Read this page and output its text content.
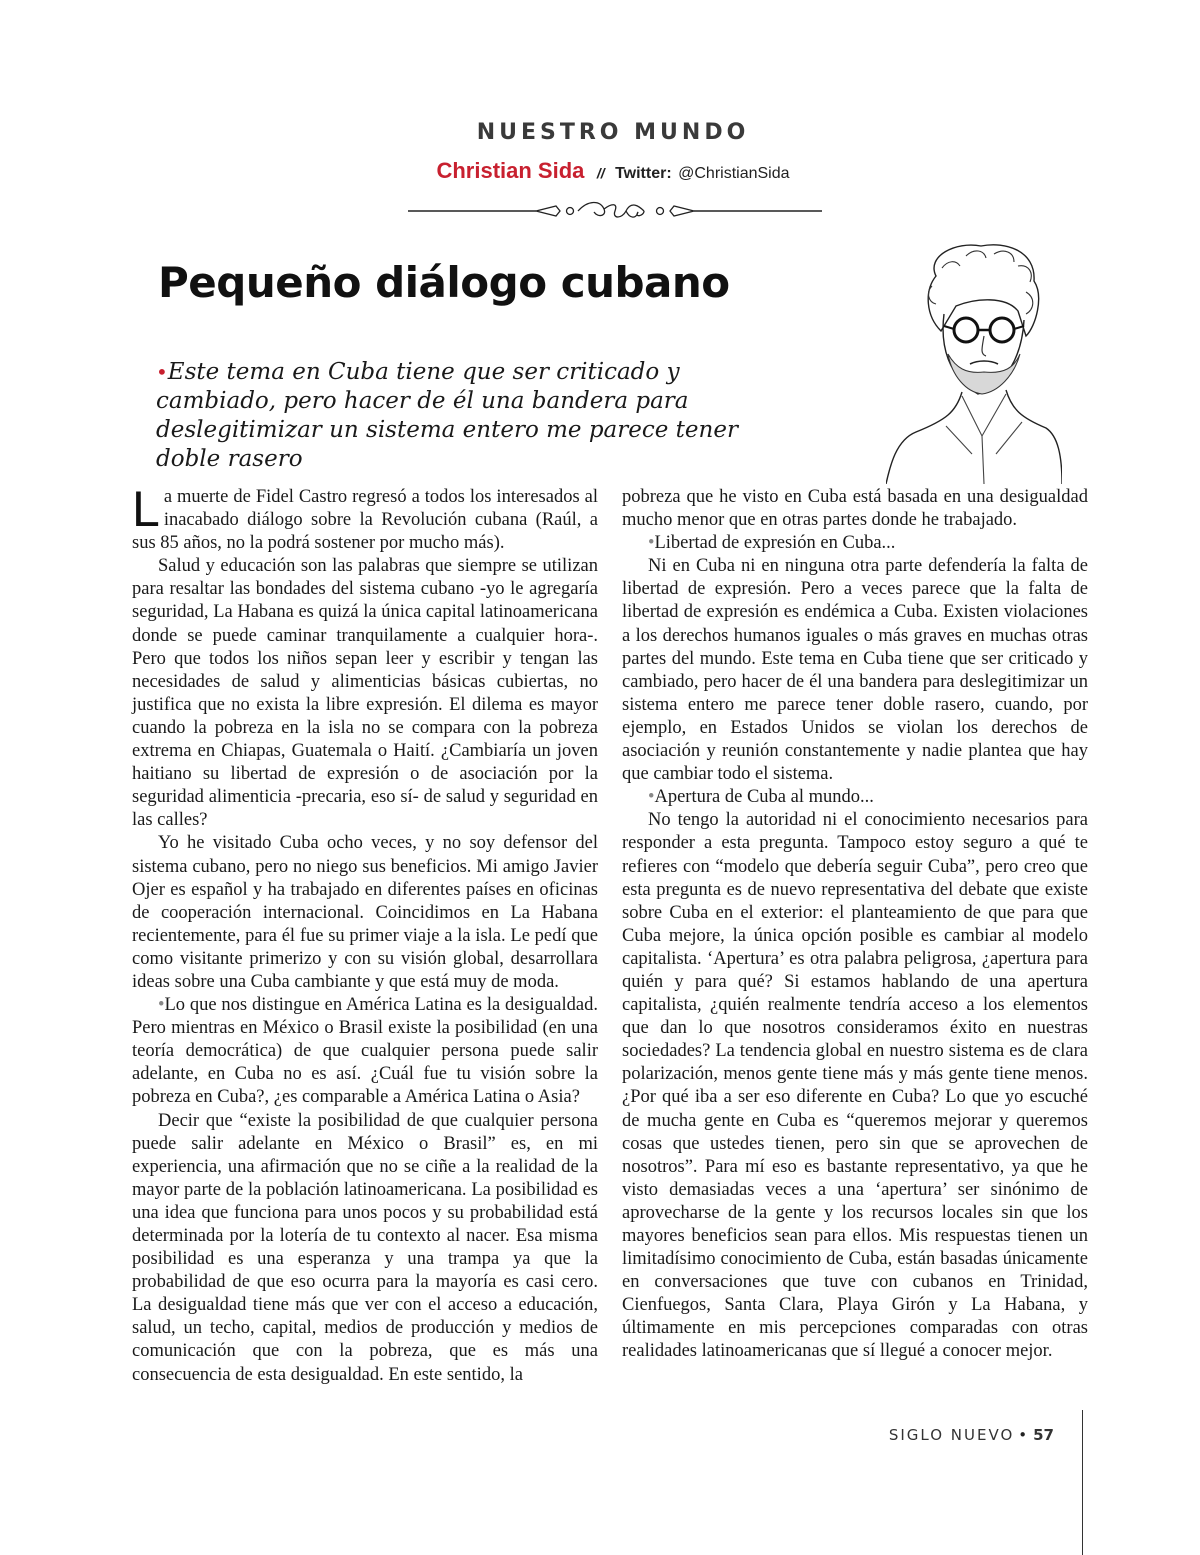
NUESTRO MUNDO
Christian Sida // Twitter: @ChristianSida
Pequeño diálogo cubano

•Este tema en Cuba tiene que ser criticado y cambiado, pero hacer de él una bandera para deslegitimizar un sistema entero me parece tener doble rasero

La muerte de Fidel Castro regresó a todos los interesados al inacabado diálogo sobre la Revolución cubana (Raúl, a sus 85 años, no la podrá sostener por mucho más).

Salud y educación son las palabras que siempre se utilizan para resaltar las bondades del sistema cubano -yo le agregaría seguridad, La Habana es quizá la única capital latinoamericana donde se puede caminar tranquilamente a cualquier hora-. Pero que todos los niños sepan leer y escribir y tengan las necesidades de salud y alimenticias básicas cubiertas, no justifica que no exista la libre expresión. El dilema es mayor cuando la pobreza en la isla no se compara con la pobreza extrema en Chiapas, Guatemala o Haití. ¿Cambiaría un joven haitiano su libertad de expresión o de asociación por la seguridad alimenticia -precaria, eso sí- de salud y seguridad en las calles?

Yo he visitado Cuba ocho veces, y no soy defensor del sistema cubano, pero no niego sus beneficios. Mi amigo Javier Ojer es español y ha trabajado en diferentes países en oficinas de cooperación internacional. Coincidimos en La Habana recientemente, para él fue su primer viaje a la isla. Le pedí que como visitante primerizo y con su visión global, desarrollara ideas sobre una Cuba cambiante y que está muy de moda.

•Lo que nos distingue en América Latina es la desigualdad. Pero mientras en México o Brasil existe la posibilidad (en una teoría democrática) de que cualquier persona puede salir adelante, en Cuba no es así. ¿Cuál fue tu visión sobre la pobreza en Cuba?, ¿es comparable a América Latina o Asia?

Decir que “existe la posibilidad de que cualquier persona puede salir adelante en México o Brasil” es, en mi experiencia, una afirmación que no se ciñe a la realidad de la mayor parte de la población latinoamericana. La posibilidad es una idea que funciona para unos pocos y su probabilidad está determinada por la lotería de tu contexto al nacer. Esa misma posibilidad es una esperanza y una trampa ya que la probabilidad de que eso ocurra para la mayoría es casi cero. La desigualdad tiene más que ver con el acceso a educación, salud, un techo, capital, medios de producción y medios de comunicación que con la pobreza, que es más una consecuencia de esta desigualdad. En este sentido, la

pobreza que he visto en Cuba está basada en una desigualdad mucho menor que en otras partes donde he trabajado.

•Libertad de expresión en Cuba...

Ni en Cuba ni en ninguna otra parte defendería la falta de libertad de expresión. Pero a veces parece que la falta de libertad de expresión es endémica a Cuba. Existen violaciones a los derechos humanos iguales o más graves en muchas otras partes del mundo. Este tema en Cuba tiene que ser criticado y cambiado, pero hacer de él una bandera para deslegitimizar un sistema entero me parece tener doble rasero, cuando, por ejemplo, en Estados Unidos se violan los derechos de asociación y reunión constantemente y nadie plantea que hay que cambiar todo el sistema.

•Apertura de Cuba al mundo...

No tengo la autoridad ni el conocimiento necesarios para responder a esta pregunta. Tampoco estoy seguro a qué te refieres con “modelo que debería seguir Cuba”, pero creo que esta pregunta es de nuevo representativa del debate que existe sobre Cuba en el exterior: el planteamiento de que para que Cuba mejore, la única opción posible es cambiar al modelo capitalista. ‘Apertura’ es otra palabra peligrosa, ¿apertura para quién y para qué? Si estamos hablando de una apertura capitalista, ¿quién realmente tendría acceso a los elementos que dan lo que nosotros consideramos éxito en nuestras sociedades? La tendencia global en nuestro sistema es de clara polarización, menos gente tiene más y más gente tiene menos. ¿Por qué iba a ser eso diferente en Cuba? Lo que yo escuché de mucha gente en Cuba es “queremos mejorar y queremos cosas que ustedes tienen, pero sin que se aprovechen de nosotros”. Para mí eso es bastante representativo, ya que he visto demasiadas veces a una ‘apertura’ ser sinónimo de aprovecharse de la gente y los recursos locales sin que los mayores beneficios sean para ellos. Mis respuestas tienen un limitadísimo conocimiento de Cuba, están basadas únicamente en conversaciones que tuve con cubanos en Trinidad, Cienfuegos, Santa Clara, Playa Girón y La Habana, y últimamente en mis percepciones comparadas con otras realidades latinoamericanas que sí llegué a conocer mejor.

SIGLO NUEVO • 57
